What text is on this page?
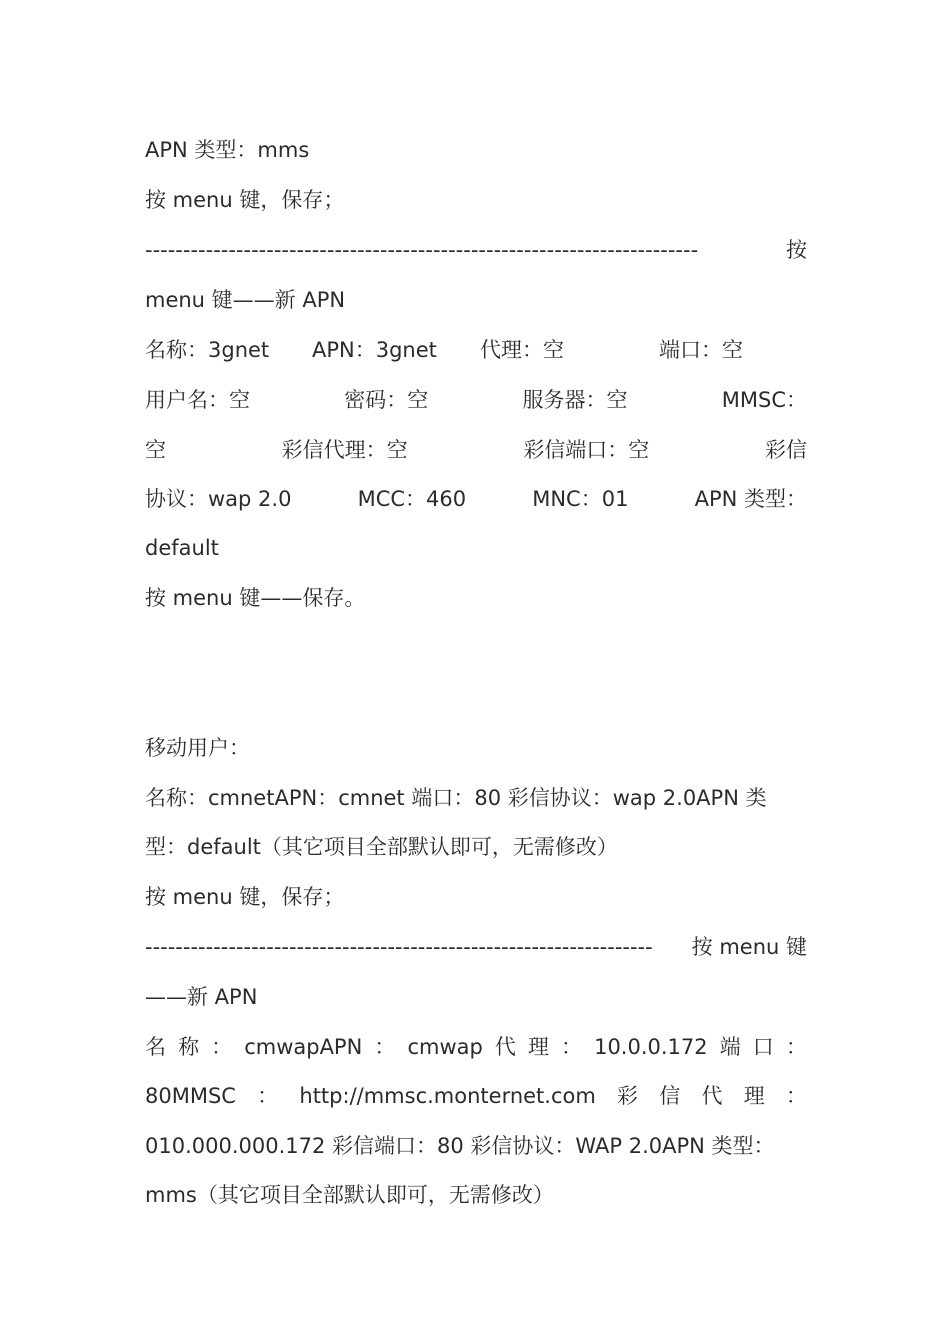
APN 类型：mms
按 menu 键，保存；
-------------------------------------------------------------------------	按
menu 键——新 APN
名称：3gnet	APN：3gnet	代理：空	端口：空
用户名：空	密码：空	服务器：空	MMSC：
空	彩信代理：空	彩信端口：空	彩信
协议：wap 2.0	MCC：460	MNC：01	APN 类型：
default
按 menu 键——保存。
移动用户：
名称：cmnetAPN：cmnet 端口：80 彩信协议：wap 2.0APN 类
型：default（其它项目全部默认即可，无需修改）
按 menu 键，保存；
------------------------------------------------------------------- 按 menu 键
——新 APN
名 称 ： cmwapAPN ： cmwap 代 理 ： 10.0.0.172 端 口 ：
80MMSC ： http://mmsc.monternet.com 彩 信 代 理 ：
010.000.000.172 彩信端口：80 彩信协议：WAP 2.0APN 类型：
mms（其它项目全部默认即可，无需修改）
